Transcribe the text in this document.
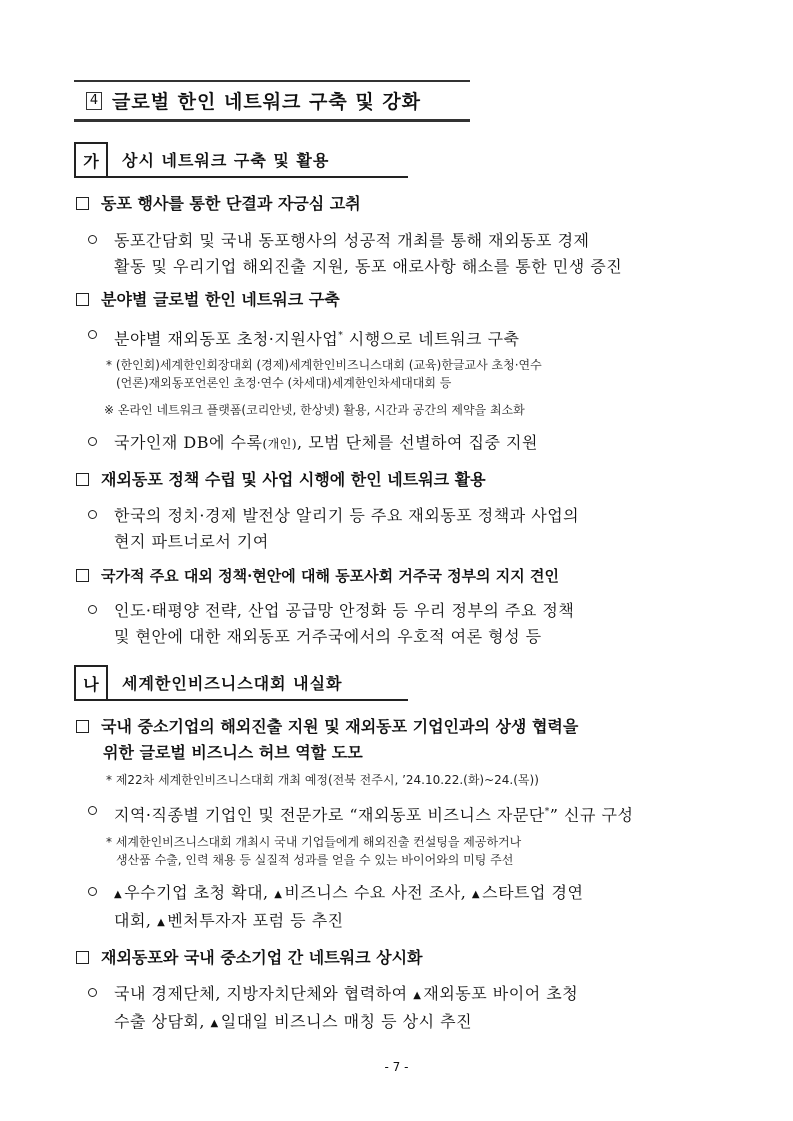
4 글로벌 한인 네트워크 구축 및 강화
가	상시 네트워크 구축 및 활용
동포 행사를 통한 단결과 자긍심 고취
동포간담회 및 국내 동포행사의 성공적 개최를 통해 재외동포 경제
활동 및 우리기업 해외진출 지원, 동포 애로사항 해소를 통한 민생 증진
분야별 글로벌 한인 네트워크 구축
분야별 재외동포 초청·지원사업* 시행으로 네트워크 구축
* (한인회)세계한인회장대회 (경제)세계한인비즈니스대회 (교육)한글교사 초청·연수
(언론)재외동포언론인 초정·연수 (차세대)세계한인차세대대회 등
※ 온라인 네트워크 플랫폼(코리안넷, 한상넷) 활용, 시간과 공간의 제약을 최소화
국가인재 DB에 수록(개인), 모범 단체를 선별하여 집중 지원
재외동포 정책 수립 및 사업 시행에 한인 네트워크 활용
한국의 정치·경제 발전상 알리기 등 주요 재외동포 정책과 사업의
현지 파트너로서 기여
국가적 주요 대외 정책·현안에 대해 동포사회 거주국 정부의 지지 견인
인도·태평양 전략, 산업 공급망 안정화 등 우리 정부의 주요 정책
및 현안에 대한 재외동포 거주국에서의 우호적 여론 형성 등
나	세계한인비즈니스대회 내실화
국내 중소기업의 해외진출 지원 및 재외동포 기업인과의 상생 협력을
위한 글로벌 비즈니스 허브 역할 도모
* 제22차 세계한인비즈니스대회 개최 예정(전북 전주시, ’24.10.22.(화)~24.(목))
지역·직종별 기업인 및 전문가로 “재외동포 비즈니스 자문단*” 신규 구성
* 세계한인비즈니스대회 개최시 국내 기업들에게 해외진출 컨설팅을 제공하거나
생산품 수출, 인력 채용 등 실질적 성과를 얻을 수 있는 바이어와의 미팅 주선
▲ 우수기업 초청 확대, ▲ 비즈니스 수요 사전 조사, ▲ 스타트업 경연
대회, ▲ 벤처투자자 포럼 등 추진
재외동포와 국내 중소기업 간 네트워크 상시화
국내 경제단체, 지방자치단체와 협력하여 ▲ 재외동포 바이어 초청
수출 상담회, ▲ 일대일 비즈니스 매칭 등 상시 추진
- 7 -
